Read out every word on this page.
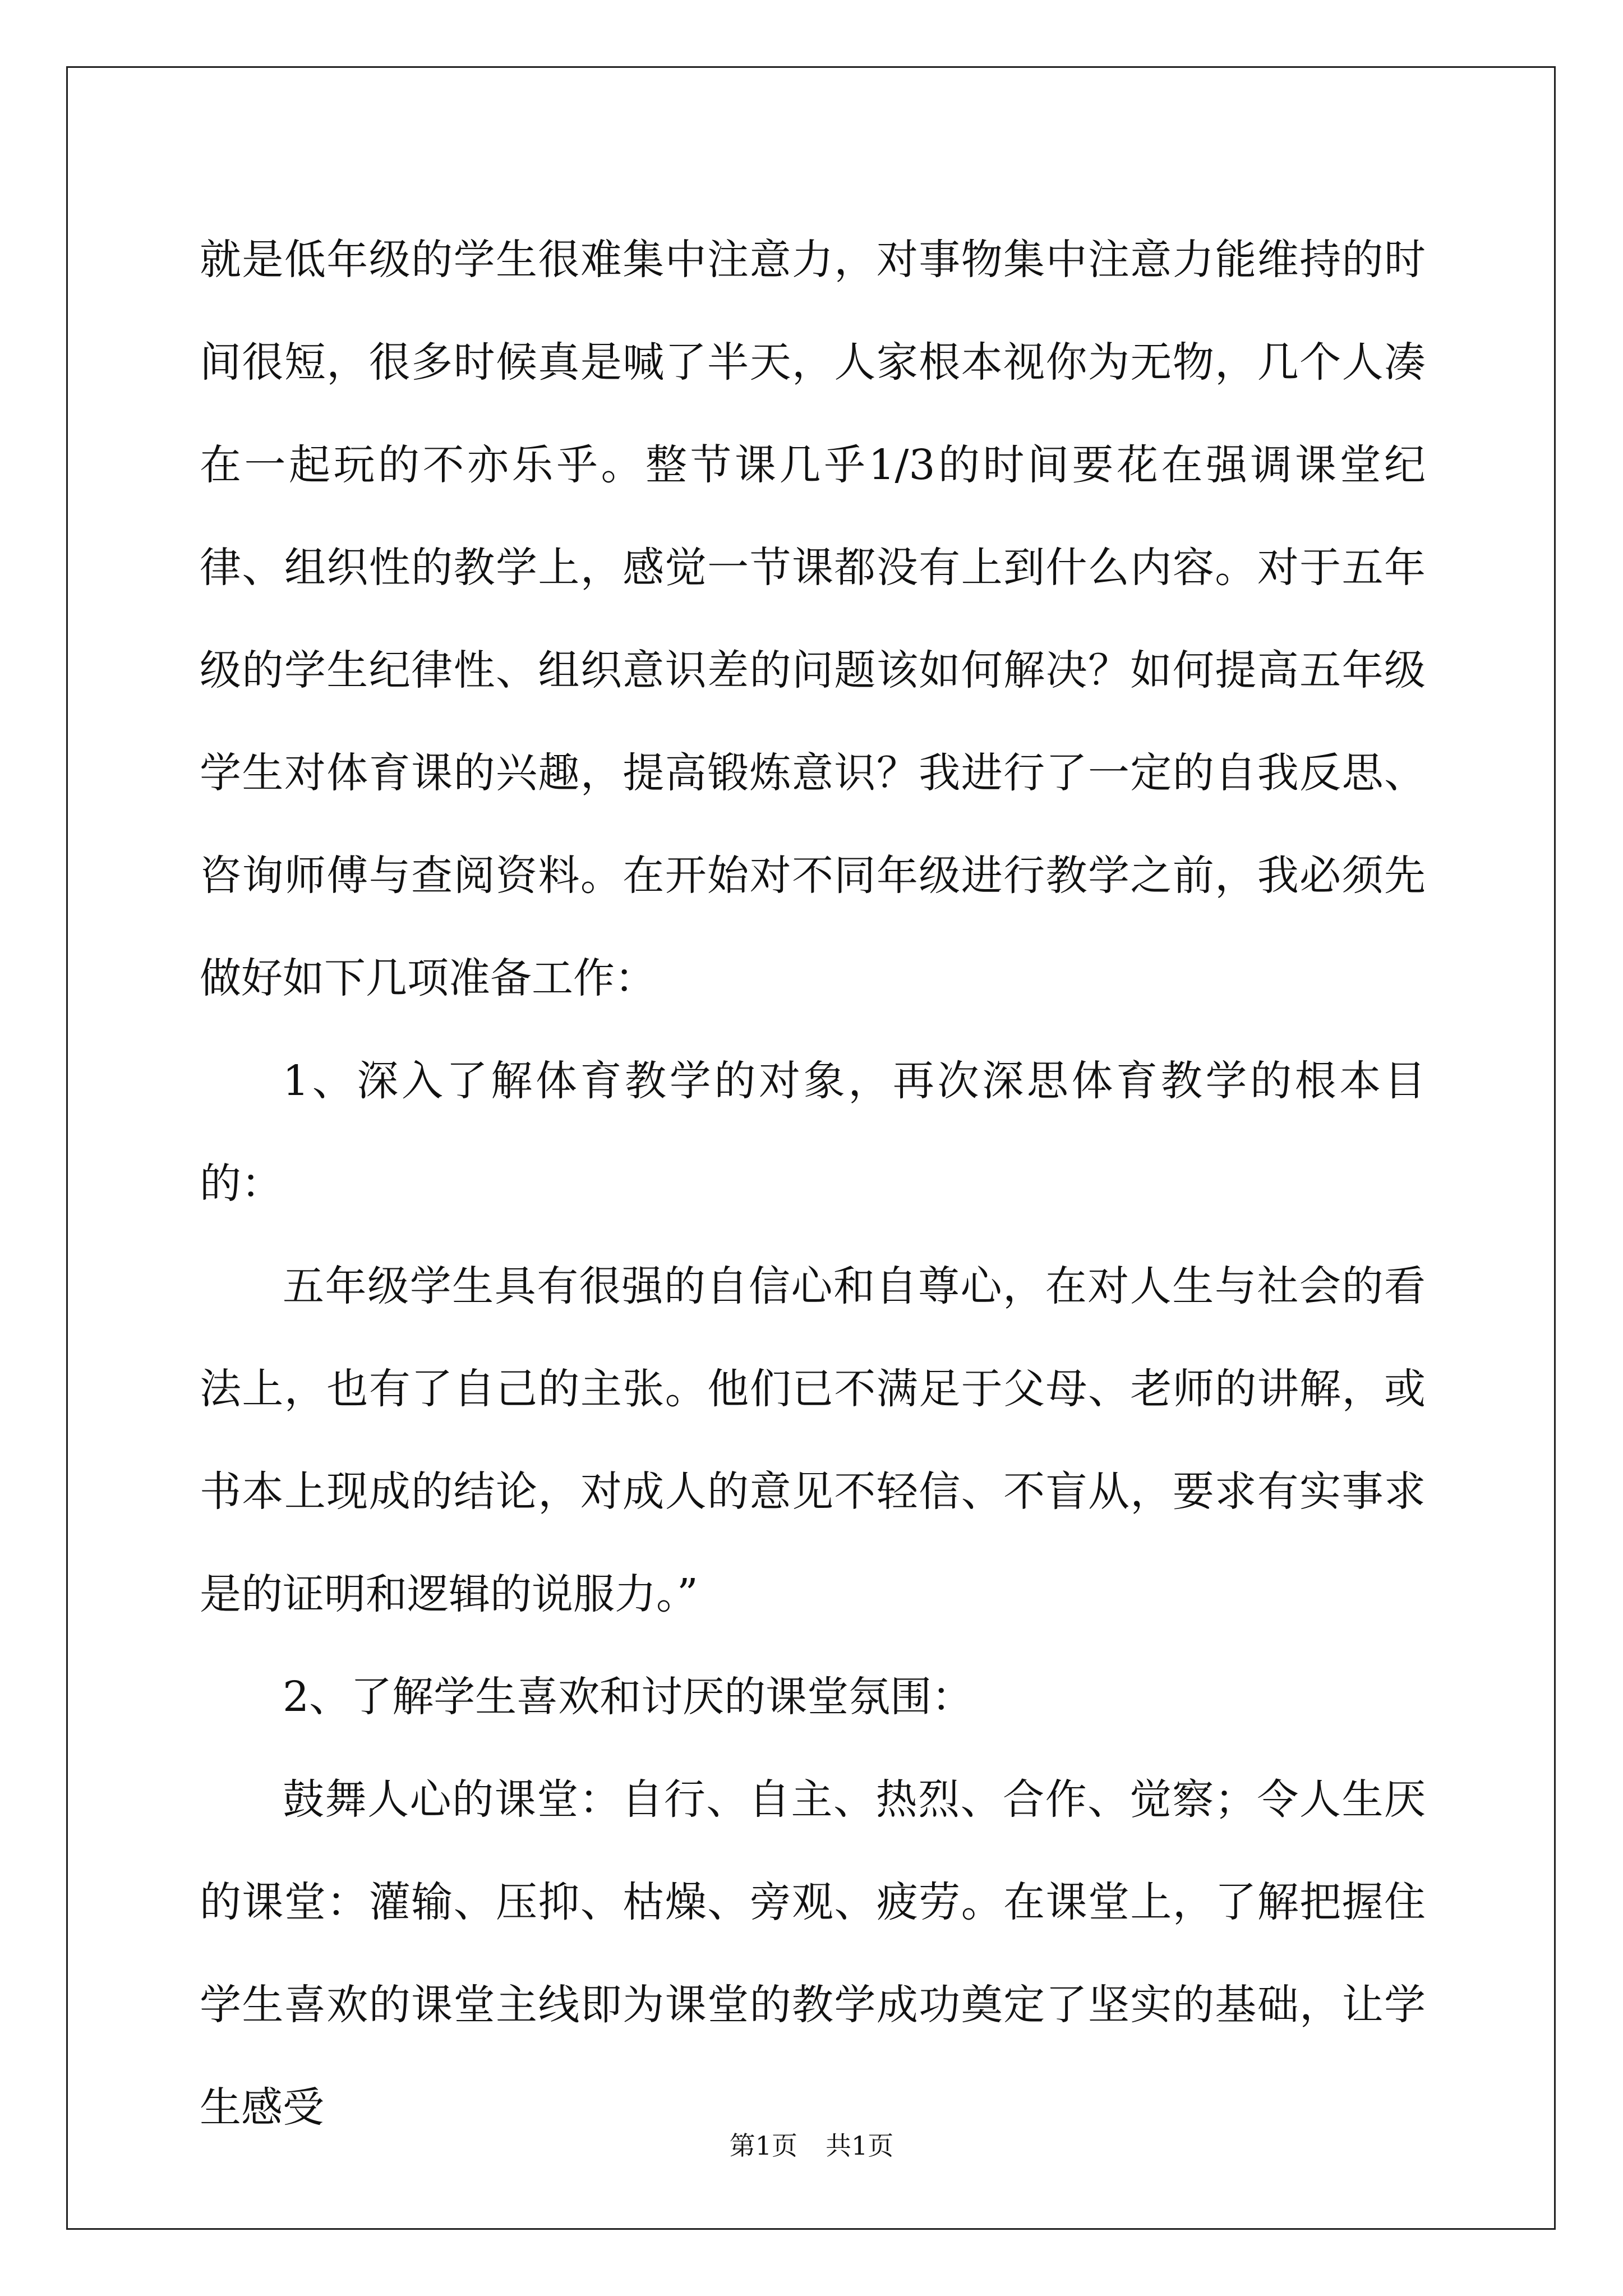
就是低年级的学生很难集中注意力，对事物集中注意力能维持的时间很短，很多时候真是喊了半天，人家根本视你为无物，几个人凑在一起玩的不亦乐乎。整节课几乎1/3的时间要花在强调课堂纪律、组织性的教学上，感觉一节课都没有上到什么内容。对于五年级的学生纪律性、组织意识差的问题该如何解决？如何提高五年级学生对体育课的兴趣，提高锻炼意识？我进行了一定的自我反思、咨询师傅与查阅资料。在开始对不同年级进行教学之前，我必须先做好如下几项准备工作：

1、深入了解体育教学的对象，再次深思体育教学的根本目的：

五年级学生具有很强的自信心和自尊心，在对人生与社会的看法上，也有了自己的主张。他们已不满足于父母、老师的讲解，或书本上现成的结论，对成人的意见不轻信、不盲从，要求有实事求是的证明和逻辑的说服力。”

2、了解学生喜欢和讨厌的课堂氛围：

鼓舞人心的课堂：自行、自主、热烈、合作、觉察；令人生厌的课堂：灌输、压抑、枯燥、旁观、疲劳。在课堂上，了解把握住学生喜欢的课堂主线即为课堂的教学成功奠定了坚实的基础，让学生感受

第1页 共1页
